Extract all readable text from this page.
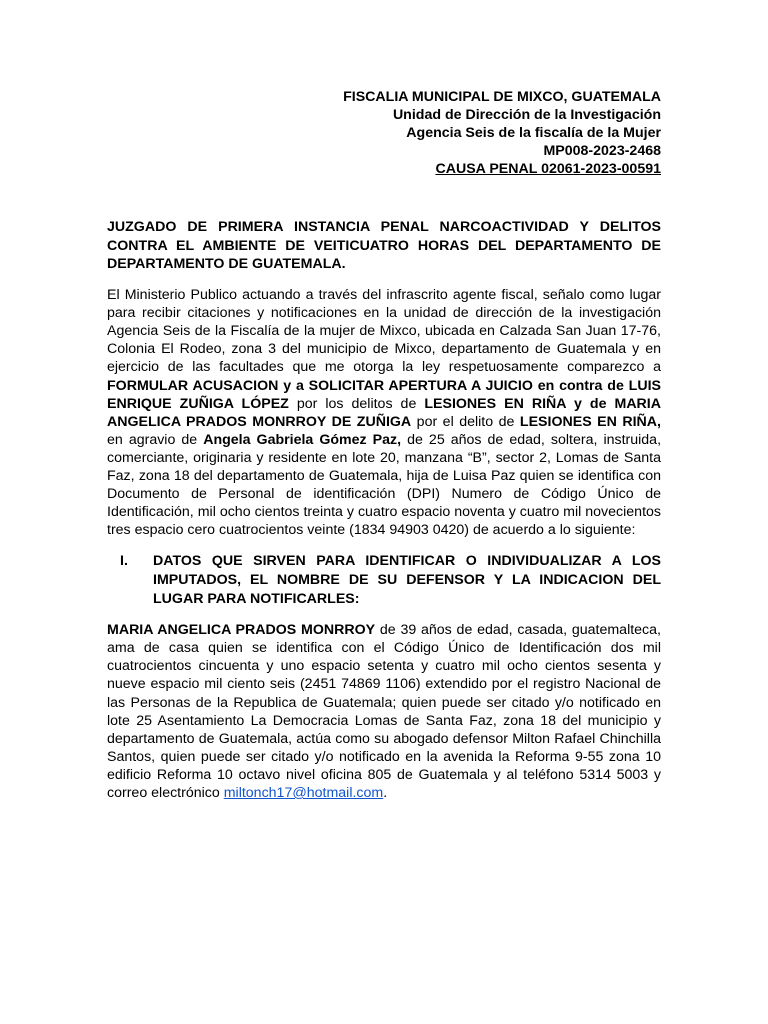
FISCALIA MUNICIPAL DE MIXCO, GUATEMALA
Unidad de Dirección de la Investigación
Agencia Seis de la fiscalía de la Mujer
MP008-2023-2468
CAUSA PENAL 02061-2023-00591
JUZGADO DE PRIMERA INSTANCIA PENAL NARCOACTIVIDAD Y DELITOS CONTRA EL AMBIENTE DE VEITICUATRO HORAS DEL DEPARTAMENTO DE DEPARTAMENTO DE GUATEMALA.

El Ministerio Publico actuando a través del infrascrito agente fiscal, señalo como lugar para recibir citaciones y notificaciones en la unidad de dirección de la investigación Agencia Seis de la Fiscalía de la mujer de Mixco, ubicada en Calzada San Juan 17-76, Colonia El Rodeo, zona 3 del municipio de Mixco, departamento de Guatemala y en ejercicio de las facultades que me otorga la ley respetuosamente comparezco a FORMULAR ACUSACION y a SOLICITAR APERTURA A JUICIO en contra de LUIS ENRIQUE ZUÑIGA LÓPEZ por los delitos de LESIONES EN RIÑA y de MARIA ANGELICA PRADOS MONRROY DE ZUÑIGA por el delito de LESIONES EN RIÑA,  en agravio de Angela Gabriela Gómez Paz, de 25 años de edad, soltera, instruida, comerciante, originaria y residente en lote 20, manzana “B”, sector 2, Lomas de Santa Faz, zona 18 del departamento de Guatemala, hija de Luisa Paz quien se identifica con Documento de Personal de identificación (DPI) Numero de Código Único de Identificación, mil ocho cientos treinta y cuatro espacio noventa y cuatro mil novecientos tres espacio cero cuatrocientos veinte (1834 94903 0420) de acuerdo a lo siguiente:

I.	DATOS QUE SIRVEN PARA IDENTIFICAR O INDIVIDUALIZAR A LOS IMPUTADOS, EL NOMBRE DE SU DEFENSOR Y LA INDICACION DEL LUGAR PARA NOTIFICARLES:

MARIA ANGELICA PRADOS MONRROY de 39 años de edad, casada, guatemalteca, ama de casa quien se identifica con el Código Único de Identificación dos mil cuatrocientos cincuenta y uno espacio setenta y cuatro mil ocho cientos sesenta y nueve espacio mil ciento seis (2451 74869 1106) extendido por el registro Nacional de las Personas de la Republica de Guatemala; quien puede ser citado y/o notificado en lote 25 Asentamiento La Democracia Lomas de Santa Faz, zona 18 del municipio y departamento de Guatemala, actúa como su abogado defensor Milton Rafael Chinchilla Santos, quien puede ser citado y/o notificado en la avenida la Reforma 9-55 zona 10 edificio Reforma 10 octavo nivel oficina 805 de Guatemala y al teléfono 5314 5003 y correo electrónico miltonch17@hotmail.com.
